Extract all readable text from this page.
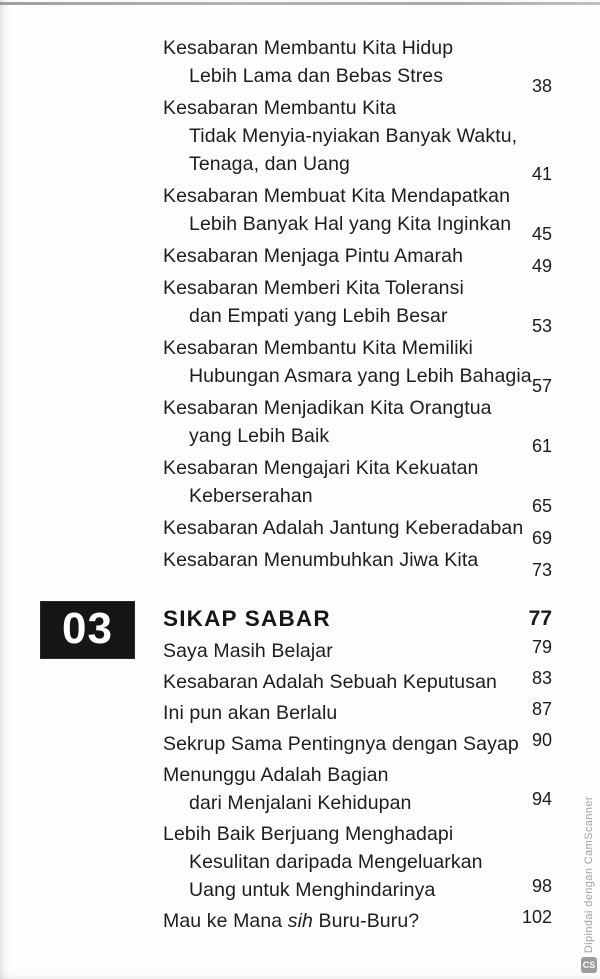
03
Kesabaran Membantu Kita Hidup
Lebih Lama dan Bebas Stres	38
Kesabaran Membantu Kita
Tidak Menyia-nyiakan Banyak Waktu,
Tenaga, dan Uang	41
Kesabaran Membuat Kita Mendapatkan
Lebih Banyak Hal yang Kita Inginkan 45
Kesabaran Menjaga Pintu Amarah	49
Kesabaran Memberi Kita Toleransi
dan Empati yang Lebih Besar	53
Kesabaran Membantu Kita Memiliki
Hubungan Asmara yang Lebih Bahagia 57
Kesabaran Menjadikan Kita Orangtua
yang Lebih Baik	61
Kesabaran Mengajari Kita Kekuatan
Keberserahan	65
Kesabaran Adalah Jantung Keberadaban 69
Kesabaran Menumbuhkan Jiwa Kita	73
SIKAP SABAR	77
Saya Masih Belajar	79
Kesabaran Adalah Sebuah Keputusan 83
Ini pun akan Berlalu	87
Sekrup Sama Pentingnya dengan Sayap 90
Menunggu Adalah Bagian
dari Menjalani Kehidupan	94
Lebih Baik Berjuang Menghadapi
Kesulitan daripada Mengeluarkan
Uang untuk Menghindarinya	98
Mau ke Mana sih Buru-Buru?	102	Dipindai dengan CamScanner
CS
